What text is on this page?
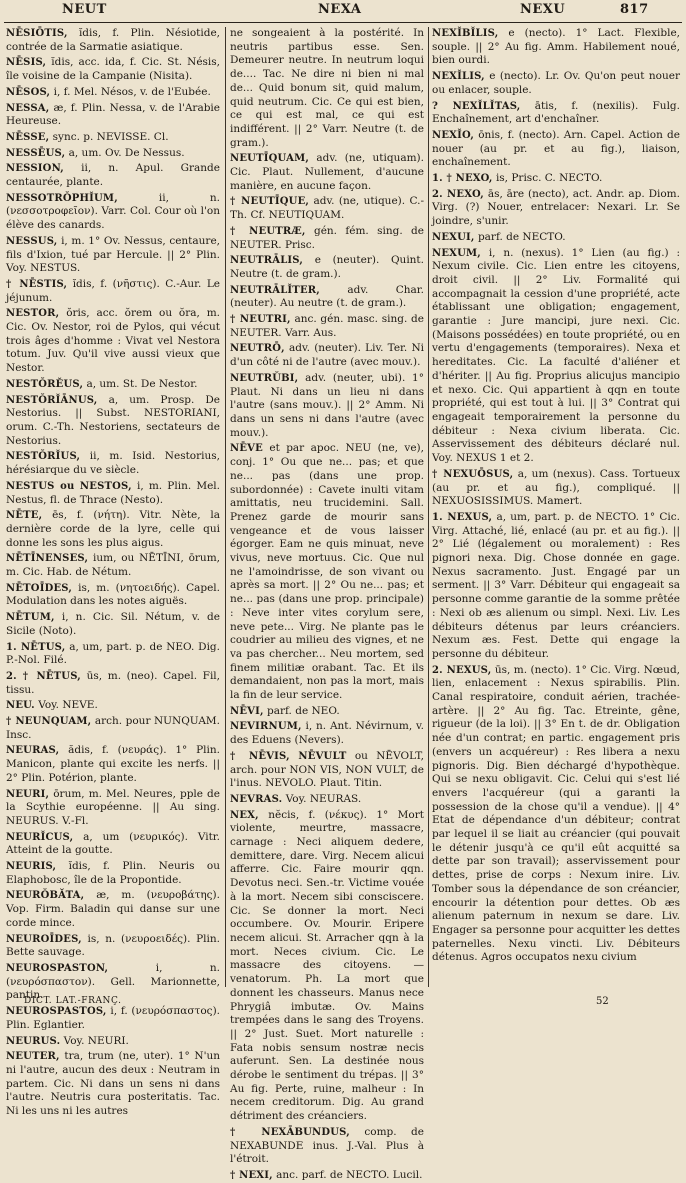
NEUT	NEXA	NEXU	817

NĒSIŌTIS, ĭdis, f. Plin. Nésiotide, contrée de la Sarmatie asiatique.

NĒSIS, ĭdis, acc. ida, f. Cic. St. Nésis, île voisine de la Campanie (Nisita).

NĒSOS, i, f. Mel. Nésos, v. de l'Eubée.

NESSA, æ, f. Plin. Nessa, v. de l'Arabie Heureuse.

NĒSSE, sync. p. NEVISSE. Cl.

NESSĒUS, a, um. Ov. De Nessus.

NESSION, ii, n. Apul. Grande centaurée, plante.

NESSOTRŎPHĬUM,	ii, n. (νεσσοτροφεῖον). Varr. Col. Cour où l'on élève des canards.

NESSUS, i, m. 1° Ov. Nessus, centaure, fils d'Ixion, tué par Hercule. || 2° Plin. Voy. NESTUS.

† NĒSTIS, ĭdis, f. (νῆστις). C.-Aur. Le jéjunum.

NESTOR, ŏris, acc. ŏrem ou ŏra, m. Cic. Ov. Nestor, roi de Pylos, qui vécut trois âges d'homme : Vivat vel Nestora totum. Juv. Qu'il vive aussi vieux que Nestor.

NESTŎRĔUS, a, um. St. De Nestor.

NESTŎRĬĀNUS, a, um. Prosp. De Nestorius. || Subst. NESTORIANI, orum. C.-Th. Nestoriens, sectateurs de Nestorius.

NESTŎRĬUS, ii, m. Isid. Nestorius, hérésiarque du ve siècle.

NESTUS ou NESTOS, i, m. Plin. Mel. Nestus, fl. de Thrace (Nesto).

NĒTE, ēs, f. (νήτη). Vitr. Nète, la dernière corde de la lyre, celle qui donne les sons les plus aigus.

NĒTĪNENSES, ium, ou NĒTĪNI, ōrum, m. Cic. Hab. de Nétum.

NĒTOĪDES, is, m. (νητοειδής). Capel. Modulation dans les notes aiguës.

NĒTUM, i, n. Cic. Sil. Nétum, v. de Sicile (Noto).

1. NĒTUS, a, um, part. p. de NEO. Dig. P.-Nol. Filé.

2. † NĒTUS, ūs, m. (neo). Capel. Fil, tissu.

NEU. Voy. NEVE.

† NEUNQUAM, arch. pour NUNQUAM. Insc.

NEURAS, ădis, f. (νευράς). 1° Plin. Manicon, plante qui excite les nerfs. || 2° Plin. Potérion, plante.

NEURI, ōrum, m. Mel. Neures, pple de la Scythie européenne. || Au sing. NEURUS. V.-Fl.

NEURĬCUS, a, um (νευρικός). Vitr. Atteint de la goutte.

NEURIS, ĭdis, f. Plin. Neuris ou Elaphobosc, île de la Propontide.

NEURŎBĂTA, æ, m. (νευροβάτης). Vop. Firm. Baladin qui danse sur une corde mince.

NEUROĪDES, is, n. (νευροειδές). Plin. Bette sauvage.

NEUROSPASTON,	i, n. (νευρόσπαστον). Gell. Marionnette, pantin.

NEUROSPASTOS, i, f. (νευρόσπαστος). Plin. Eglantier.

NEURUS. Voy. NEURI.

NEUTER, tra, trum (ne, uter). 1° N'un ni l'autre, aucun des deux : Neutram in partem. Cic. Ni dans un sens ni dans l'autre. Neutris cura posteritatis. Tac. Ni les uns ni les autres

ne songeaient à la postérité. In neutris partibus esse. Sen. Demeurer neutre. In neutrum loqui de.... Tac. Ne dire ni bien ni mal de... Quid bonum sit, quid malum, quid neutrum. Cic. Ce qui est bien, ce qui est mal, ce qui est indifférent. || 2° Varr. Neutre (t. de gram.).

NEUTĪQUAM, adv. (ne, utiquam). Cic. Plaut. Nullement, d'aucune manière, en aucune façon.

† NEUTĪQUE, adv. (ne, utique). C.-Th. Cf. NEUTIQUAM.

† NEUTRÆ, gén. fém. sing. de NEUTER. Prisc.

NEUTRĀLIS, e (neuter). Quint. Neutre (t. de gram.).

NEUTRĀLĬTER,	adv. Char. (neuter). Au neutre (t. de gram.).

† NEUTRI, anc. gén. masc. sing. de NEUTER. Varr. Aus.

NEUTRŌ, adv. (neuter). Liv. Ter. Ni d'un côté ni de l'autre (avec mouv.).

NEUTRŬBI, adv. (neuter, ubi). 1° Plaut. Ni dans un lieu ni dans l'autre (sans mouv.). || 2° Amm. Ni dans un sens ni dans l'autre (avec mouv.).

NĒVE et par apoc. NEU (ne, ve), conj. 1° Ou que ne... pas; et que ne... pas (dans une prop. subordonnée) : Cavete inulti vitam amittatis, neu trucidemini. Sall. Prenez garde de mourir sans vengeance et de vous laisser égorger. Eam ne quis minuat, neve vivus, neve mortuus. Cic. Que nul ne l'amoindrisse, de son vivant ou après sa mort. || 2° Ou ne... pas; et ne... pas (dans une prop. principale) : Neve inter vites corylum sere, neve pete... Virg. Ne plante pas le coudrier au milieu des vignes, et ne va pas chercher... Neu mortem, sed finem militiæ orabant. Tac. Et ils demandaient, non pas la mort, mais la fin de leur service.

NĒVI, parf. de NEO.

NEVIRNUM, i, n. Ant. Névirnum, v. des Eduens (Nevers).

† NĒVIS, NĒVULT ou NĒVOLT, arch. pour NON VIS, NON VULT, de l'inus. NEVOLO. Plaut. Titin.

NEVRAS. Voy. NEURAS.

NEX, nĕcis, f. (νέκυς). 1° Mort violente, meurtre, massacre, carnage : Neci aliquem dedere, demittere, dare. Virg. Necem alicui afferre. Cic. Faire mourir qqn. Devotus neci. Sen.-tr. Victime vouée à la mort. Necem sibi consciscere. Cic. Se donner la mort. Neci occumbere. Ov. Mourir. Eripere necem alicui. St. Arracher qqn à la mort. Neces civium. Cic. Le massacre des citoyens. — venatorum. Ph. La mort que donnent les chasseurs. Manus nece Phrygiâ imbutæ. Ov. Mains trempées dans le sang des Troyens. || 2° Just. Suet. Mort naturelle : Fata nobis sensum nostræ necis auferunt. Sen. La destinée nous dérobe le sentiment du trépas. || 3° Au fig. Perte, ruine, malheur : In necem creditorum. Dig. Au grand détriment des créanciers.

† NEXĀBUNDUS, comp. de NEXABUNDE inus. J.-Val. Plus à l'étroit.

† NEXI, anc. parf. de NECTO. Lucil.

NEXĬBĬLIS, e (necto). 1° Lact. Flexible, souple. || 2° Au fig. Amm. Habilement noué, bien ourdi.

NEXĬLIS, e (necto). Lr. Ov. Qu'on peut nouer ou enlacer, souple.

? NEXĬLĬTAS, ātis, f. (nexilis). Fulg. Enchaînement, art d'enchaîner.

NEXĬO, ōnis, f. (necto). Arn. Capel. Action de nouer (au pr. et au fig.), liaison, enchaînement.

1. † NEXO, is, Prisc. C. NECTO.

2. NEXO, ās, āre (necto), act. Andr. ap. Diom. Virg. (?) Nouer, entrelacer: Nexari. Lr. Se joindre, s'unir.

NEXUI, parf. de NECTO.

NEXUM, i, n. (nexus). 1° Lien (au fig.) : Nexum civile. Cic. Lien entre les citoyens, droit civil. || 2° Liv. Formalité qui accompagnait la cession d'une propriété, acte établissant une obligation; engagement, garantie : Jure mancipi, jure nexi. Cic. (Maisons possédées) en toute propriété, ou en vertu d'engagements (temporaires). Nexa et hereditates. Cic. La faculté d'aliéner et d'hériter. || Au fig. Proprius alicujus mancipio et nexo. Cic. Qui appartient à qqn en toute propriété, qui est tout à lui. || 3° Contrat qui engageait temporairement la personne du débiteur : Nexa civium liberata. Cic. Asservissement des débiteurs déclaré nul. Voy. NEXUS 1 et 2.

† NEXUŌSUS, a, um (nexus). Cass. Tortueux (au pr. et au fig.), compliqué. || NEXUOSISSIMUS. Mamert.

1. NEXUS, a, um, part. p. de NECTO. 1° Cic. Virg. Attaché, lié, enlacé (au pr. et au fig.). || 2° Lié (légalement ou moralement) : Res pignori nexa. Dig. Chose donnée en gage. Nexus sacramento. Just. Engagé par un serment. || 3° Varr. Débiteur qui engageait sa personne comme garantie de la somme prêtée : Nexi ob æs alienum ou simpl. Nexi. Liv. Les débiteurs détenus par leurs créanciers. Nexum æs. Fest. Dette qui engage la personne du débiteur.

2. NEXUS, ūs, m. (necto). 1° Cic. Virg. Nœud, lien, enlacement : Nexus spirabilis. Plin. Canal respiratoire, conduit aérien, trachée-artère. || 2° Au fig. Tac. Etreinte, gêne, rigueur (de la loi). || 3° En t. de dr. Obligation née d'un contrat; en partic. engagement pris (envers un acquéreur) : Res libera a nexu pignoris. Dig. Bien déchargé d'hypothèque. Qui se nexu obligavit. Cic. Celui qui s'est lié envers l'acquéreur (qui a garanti la possession de la chose qu'il a vendue). || 4° Etat de dépendance d'un débiteur; contrat par lequel il se liait au créancier (qui pouvait le détenir jusqu'à ce qu'il eût acquitté sa dette par son travail); asservissement pour dettes, prise de corps : Nexum inire. Liv. Tomber sous la dépendance de son créancier, encourir la détention pour dettes. Ob æs alienum paternum in nexum se dare. Liv. Engager sa personne pour acquitter les dettes paternelles. Nexu vincti. Liv. Débiteurs détenus. Agros occupatos nexu civium

DICT. LAT.-FRANÇ.	52
